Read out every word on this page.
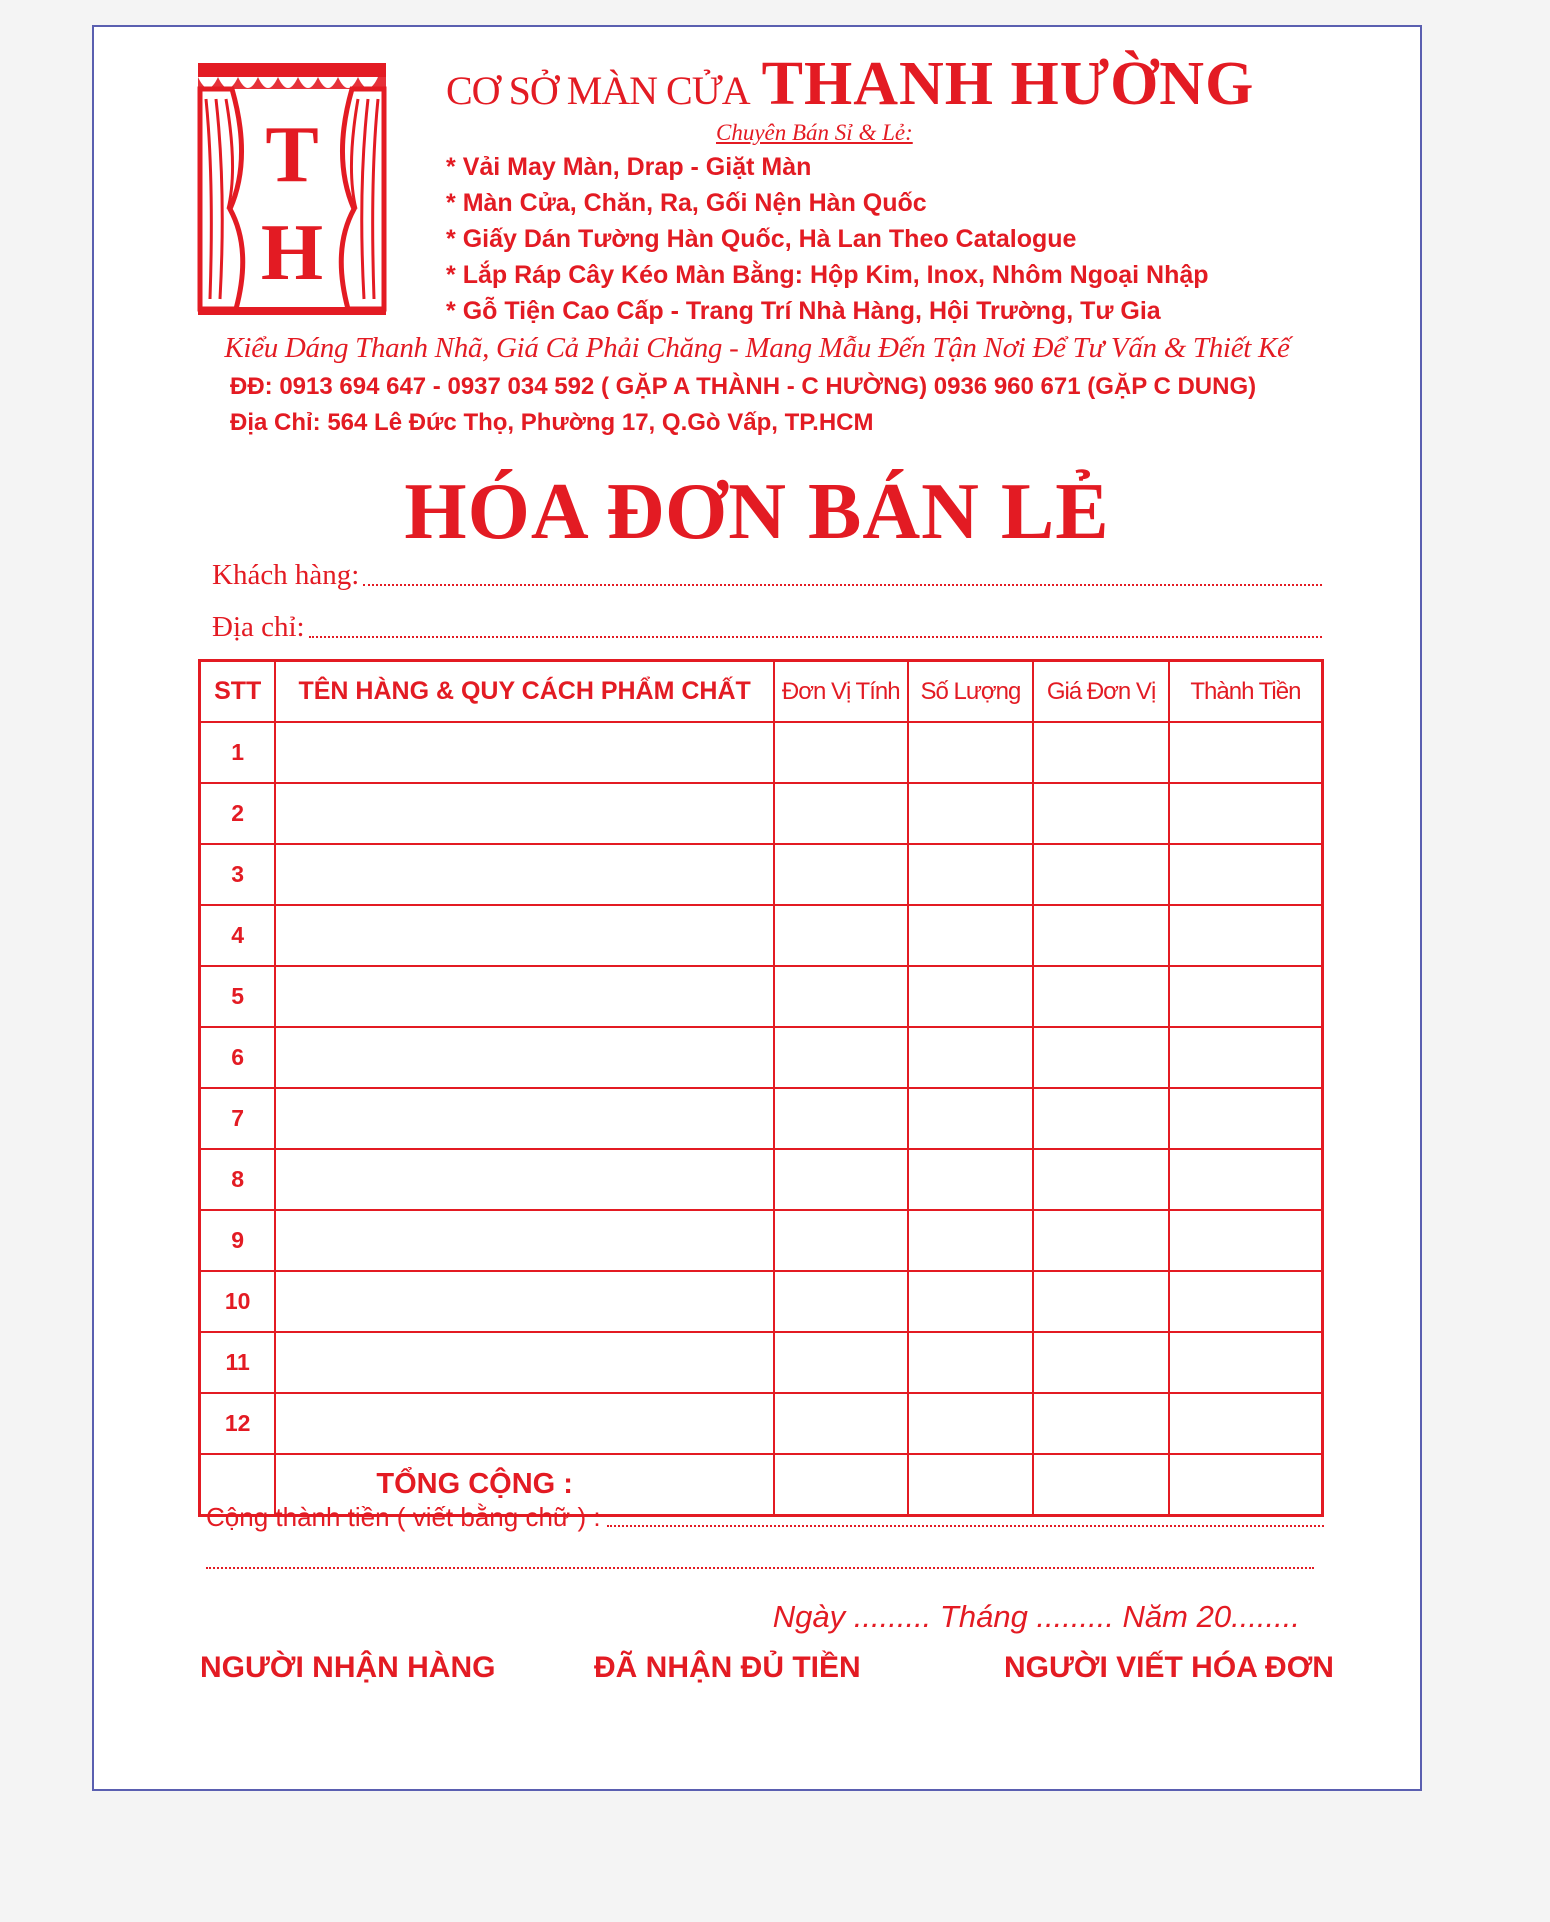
T
H
CƠ SỞ MÀN CỬA THANH HƯỜNG
Chuyên Bán Sỉ & Lẻ:
* Vải May Màn, Drap - Giặt Màn
* Màn Cửa, Chăn, Ra, Gối Nện Hàn Quốc
* Giấy Dán Tường Hàn Quốc, Hà Lan Theo Catalogue
* Lắp Ráp Cây Kéo Màn Bằng: Hộp Kim, Inox, Nhôm Ngoại Nhập
* Gỗ Tiện Cao Cấp - Trang Trí Nhà Hàng, Hội Trường, Tư Gia
Kiểu Dáng Thanh Nhã, Giá Cả Phải Chăng - Mang Mẫu Đến Tận Nơi Để Tư Vấn & Thiết Kế
ĐĐ: 0913 694 647 - 0937 034 592 ( GẶP A THÀNH - C HƯỜNG) 0936 960 671 (GẶP C DUNG)
Địa Chỉ: 564 Lê Đức Thọ, Phường 17, Q.Gò Vấp, TP.HCM
HÓA ĐƠN BÁN LẺ
Khách hàng:
Địa chỉ:
STT	TÊN HÀNG & QUY CÁCH PHẨM CHẤT	Đơn Vị Tính	Số Lượng	Giá Đơn Vị	Thành Tiền
1					
2					
3					
4					
5					
6					
7					
8					
9					
10					
11					
12					
	TỔNG CỘNG :				
Cộng thành tiền ( viết bằng chữ ) :
Ngày ......... Tháng ......... Năm 20........
NGƯỜI NHẬN HÀNG	ĐÃ NHẬN ĐỦ TIỀN	NGƯỜI VIẾT HÓA ĐƠN
